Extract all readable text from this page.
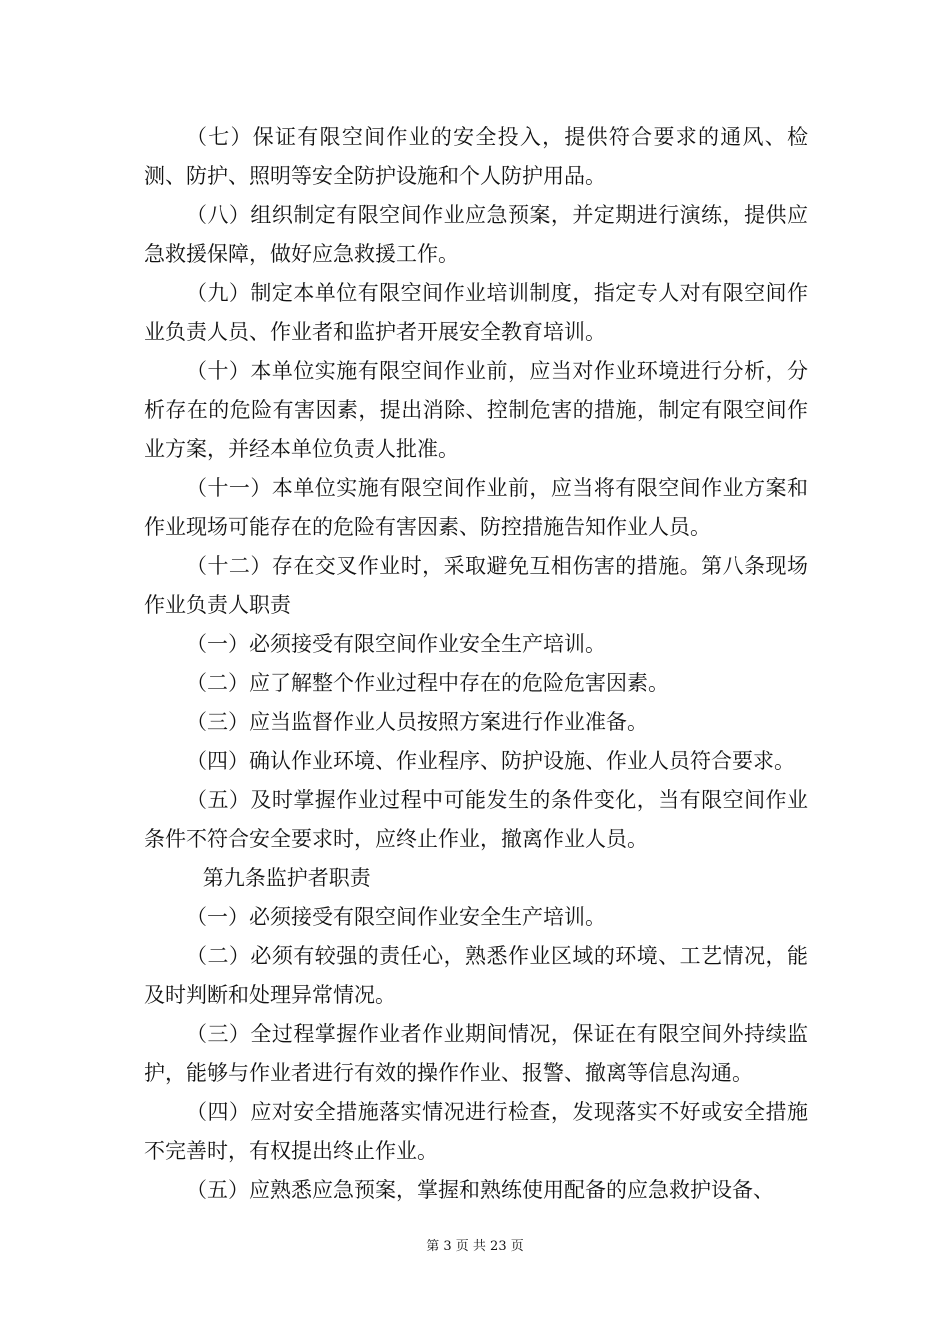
（七）保证有限空间作业的安全投入，提供符合要求的通风、检测、防护、照明等安全防护设施和个人防护用品。

（八）组织制定有限空间作业应急预案，并定期进行演练，提供应急救援保障，做好应急救援工作。

（九）制定本单位有限空间作业培训制度，指定专人对有限空间作业负责人员、作业者和监护者开展安全教育培训。

（十）本单位实施有限空间作业前，应当对作业环境进行分析，分析存在的危险有害因素，提出消除、控制危害的措施，制定有限空间作业方案，并经本单位负责人批准。

（十一）本单位实施有限空间作业前，应当将有限空间作业方案和作业现场可能存在的危险有害因素、防控措施告知作业人员。

（十二）存在交叉作业时，采取避免互相伤害的措施。第八条现场作业负责人职责

（一）必须接受有限空间作业安全生产培训。

（二）应了解整个作业过程中存在的危险危害因素。

（三）应当监督作业人员按照方案进行作业准备。

（四）确认作业环境、作业程序、防护设施、作业人员符合要求。

（五）及时掌握作业过程中可能发生的条件变化，当有限空间作业条件不符合安全要求时，应终止作业，撤离作业人员。

第九条监护者职责

（一）必须接受有限空间作业安全生产培训。

（二）必须有较强的责任心，熟悉作业区域的环境、工艺情况，能及时判断和处理异常情况。

（三）全过程掌握作业者作业期间情况，保证在有限空间外持续监护，能够与作业者进行有效的操作作业、报警、撤离等信息沟通。

（四）应对安全措施落实情况进行检查，发现落实不好或安全措施不完善时，有权提出终止作业。

（五）应熟悉应急预案，掌握和熟练使用配备的应急救护设备、

第 3 页 共 23 页
